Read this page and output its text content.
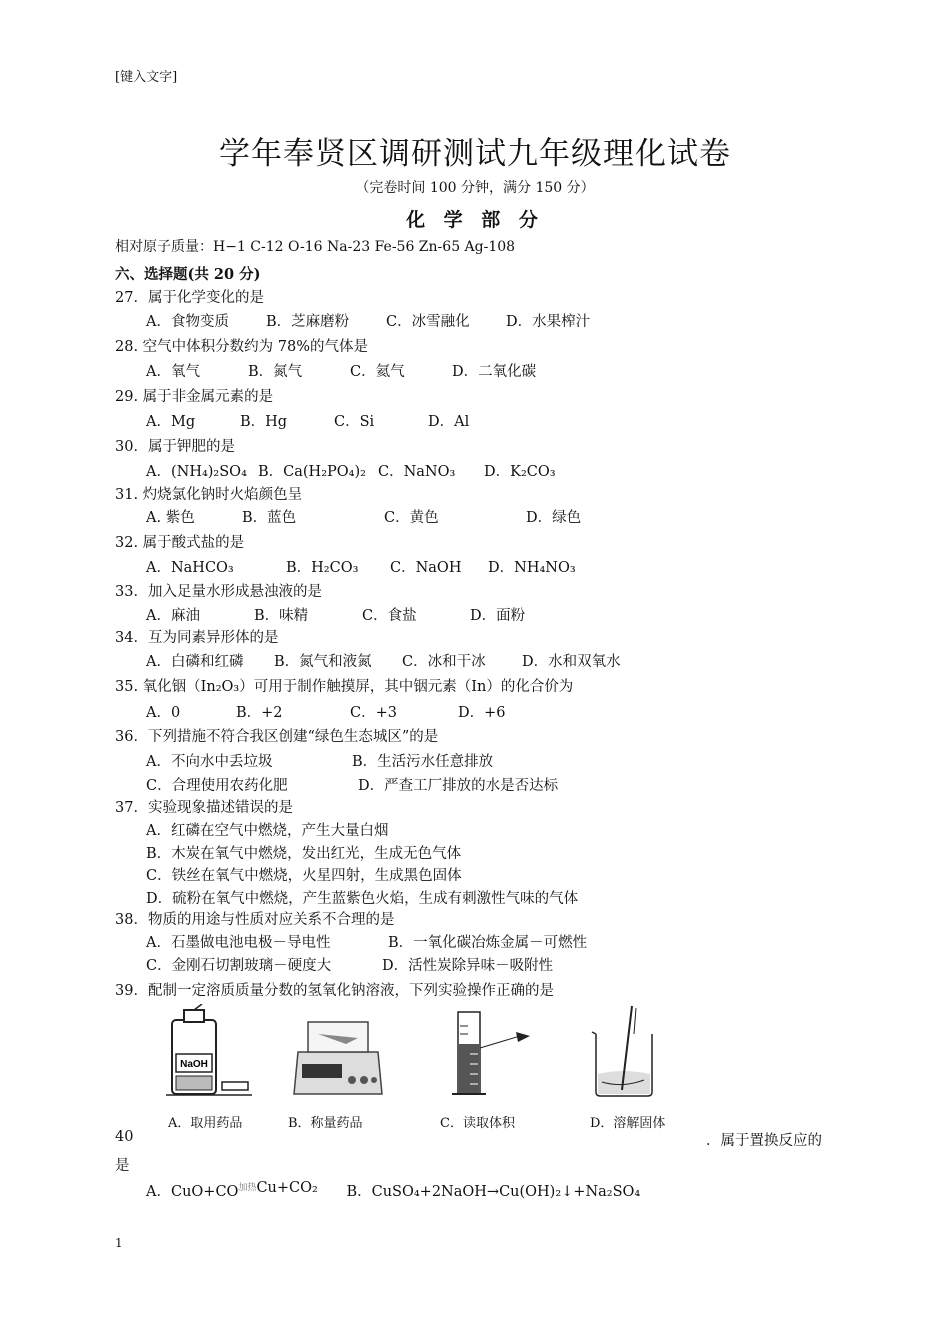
[键入文字]
学年奉贤区调研测试九年级理化试卷
（完卷时间 100 分钟，满分 150 分）
化 学 部 分
相对原子质量：H−1 C-12 O-16 Na-23 Fe-56 Zn-65 Ag-108
六、选择题(共 20 分)
27．属于化学变化的是
A．食物变质	B．芝麻磨粉	C．冰雪融化	D．水果榨汁
28. 空气中体积分数约为 78%的气体是
A．氧气	B．氮气	C．氦气	D．二氧化碳
29. 属于非金属元素的是
A．Mg	B．Hg	C．Si	D．Al
30．属于钾肥的是
A．(NH₄)₂SO₄ B．Ca(H₂PO₄)₂ C．NaNO₃	D．K₂CO₃
31. 灼烧氯化钠时火焰颜色呈
A. 紫色	B．蓝色	C．黄色	D．绿色
32. 属于酸式盐的是
A．NaHCO₃	B．H₂CO₃	C．NaOH	D．NH₄NO₃
33．加入足量水形成悬浊液的是
A．麻油	B．味精	C．食盐	D．面粉
34．互为同素异形体的是
A．白磷和红磷	B．氮气和液氮	C．冰和干冰	D．水和双氧水
35. 氧化铟（In₂O₃）可用于制作触摸屏，其中铟元素（In）的化合价为
A．0	B．+2	C．+3	D．+6
36．下列措施不符合我区创建“绿色生态城区”的是
A．不向水中丢垃圾	B．生活污水任意排放
C．合理使用农药化肥	D．严查工厂排放的水是否达标
37．实验现象描述错误的是
A．红磷在空气中燃烧，产生大量白烟
B．木炭在氧气中燃烧，发出红光，生成无色气体
C．铁丝在氧气中燃烧，火星四射，生成黑色固体
D．硫粉在氧气中燃烧，产生蓝紫色火焰，生成有刺激性气味的气体
38．物质的用途与性质对应关系不合理的是
A．石墨做电池电极－导电性	B．一氧化碳冶炼金属－可燃性
C．金刚石切割玻璃－硬度大	D．活性炭除异味－吸附性
39．配制一定溶质质量分数的氢氧化钠溶液，下列实验操作正确的是
NaOH
A．取用药品	B．称量药品	C．读取体积	D．溶解固体
40	．属于置换反应的
是
A．CuO+CO 加热 Cu+CO₂	B．CuSO₄+2NaOH→Cu(OH)₂↓+Na₂SO₄
1
